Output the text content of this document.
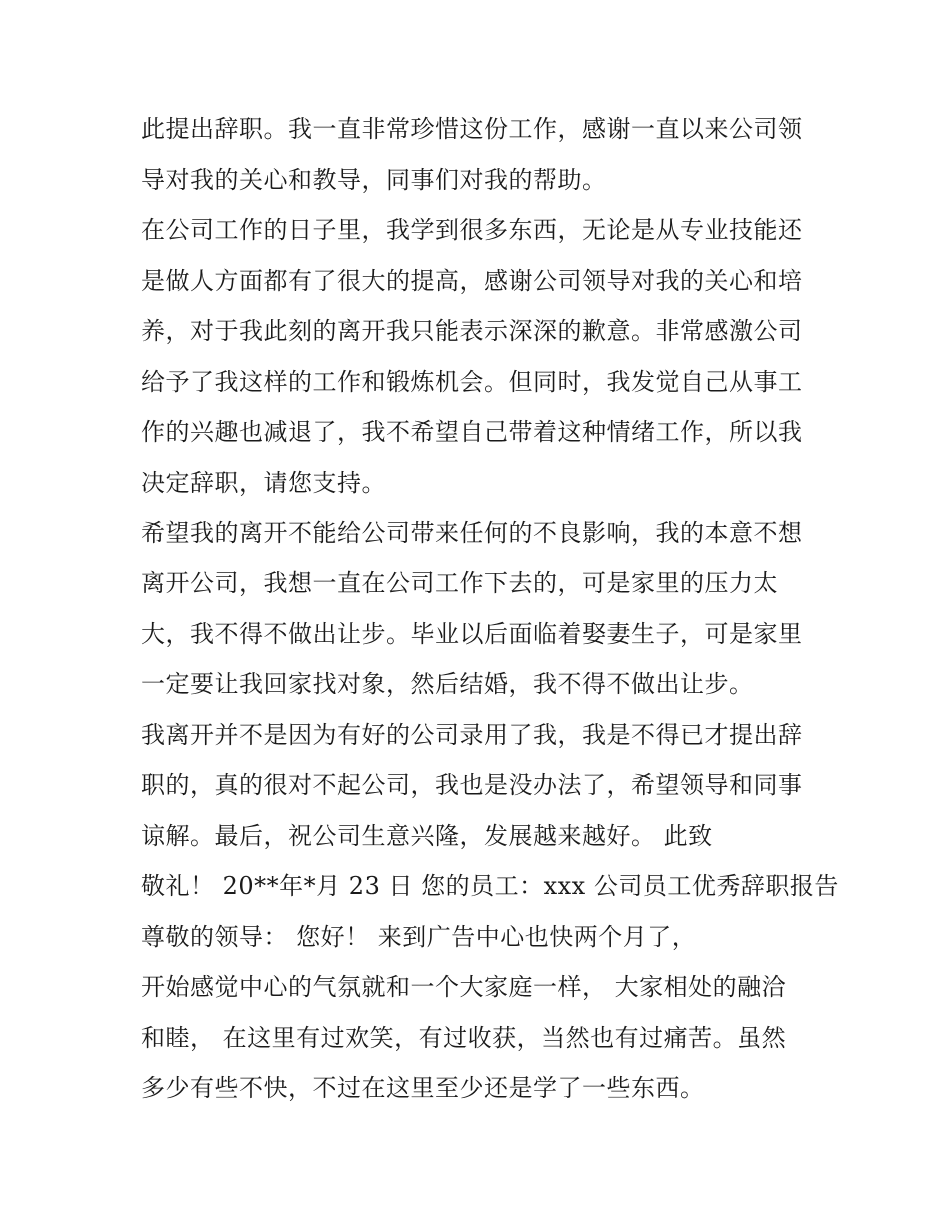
此提出辞职。我一直非常珍惜这份工作，感谢一直以来公司领

导对我的关心和教导，同事们对我的帮助。

在公司工作的日子里，我学到很多东西，无论是从专业技能还

是做人方面都有了很大的提高，感谢公司领导对我的关心和培

养，对于我此刻的离开我只能表示深深的歉意。非常感激公司

给予了我这样的工作和锻炼机会。但同时，我发觉自己从事工

作的兴趣也减退了，我不希望自己带着这种情绪工作，所以我

决定辞职，请您支持。

希望我的离开不能给公司带来任何的不良影响，我的本意不想

离开公司，我想一直在公司工作下去的，可是家里的压力太

大，我不得不做出让步。毕业以后面临着娶妻生子，可是家里

一定要让我回家找对象，然后结婚，我不得不做出让步。

我离开并不是因为有好的公司录用了我，我是不得已才提出辞

职的，真的很对不起公司，我也是没办法了，希望领导和同事

谅解。最后，祝公司生意兴隆，发展越来越好。 此致

敬礼！ 20**年*月 23 日 您的员工：xxx 公司员工优秀辞职报告

尊敬的领导： 您好！ 来到广告中心也快两个月了，

开始感觉中心的气氛就和一个大家庭一样， 大家相处的融洽

和睦， 在这里有过欢笑，有过收获，当然也有过痛苦。虽然

多少有些不快，不过在这里至少还是学了一些东西。
